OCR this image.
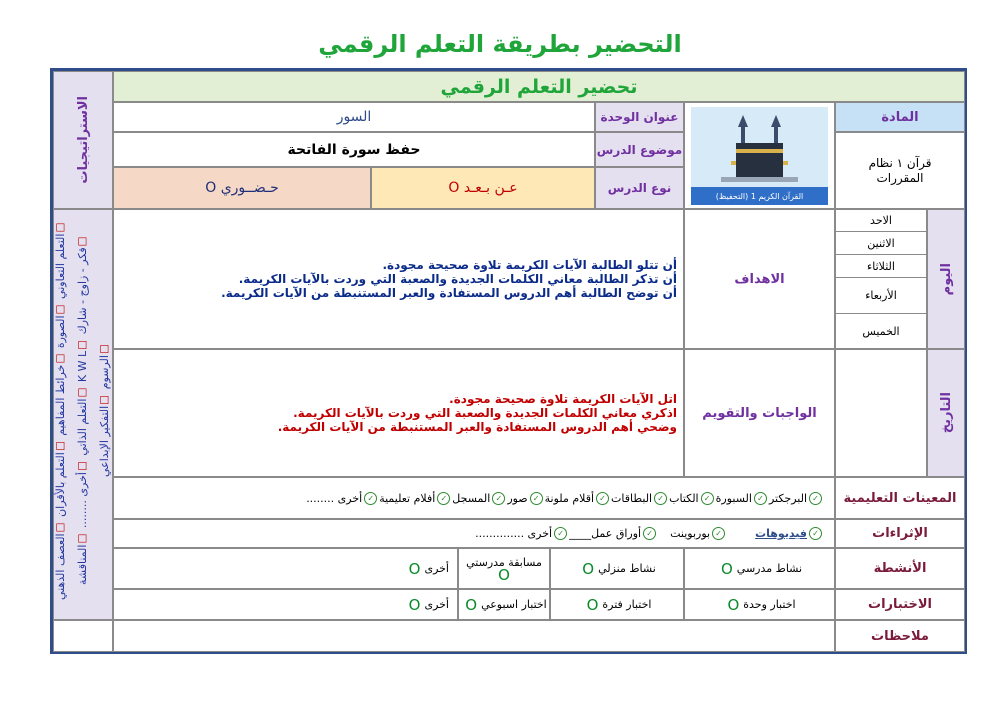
التحضير بطريقة التعلم الرقمي
تحضير التعلم الرقمي
الاستراتيجيات
☐التعلم التعاوني ☐الصورة ☐خرائط المفاهيم ☐التعلم بالأقران ☐العصف الذهني ☐فكر - زاوج - شارك ☐K W L ☐التعلم الذاتي ☐أخرى ........ ☐المناقشة ☐الرسوم ☐التفكير الإبداعي
المادة
قرآن ١ نظام المقررات
القرآن الكريم 1 (التحفيظ)
عنوان الوحدة
السور
موضوع الدرس
حفظ سورة الفاتحة
نوع الدرس
عـن بـعـد O
حـضــوري O
اليوم
الاحد
الاثنين
الثلاثاء
الأربعاء
الخميس
التاريخ
الاهداف
أن تتلو الطالبة الآيات الكريمة تلاوة صحيحة مجودة.
أن تذكر الطالبة معاني الكلمات الجديدة والصعبة التي وردت بالآيات الكريمة.
أن توضح الطالبة أهم الدروس المستفادة والعبر المستنبطة من الآيات الكريمة.
الواجبات والتقويم
اتل الآيات الكريمة تلاوة صحيحة مجودة.
اذكري معاني الكلمات الجديدة والصعبة التي وردت بالآيات الكريمة.
وضحي أهم الدروس المستفادة والعبر المستنبطة من الآيات الكريمة.
المعينات التعليمية
✓
البرجكتر
✓
السبورة
✓
الكتاب
✓
البطاقات
✓
أقلام ملونة
✓
صور
✓
المسجل
✓
أفلام تعليمية
✓
أخرى ........
الإثراءات
✓
فيديوهات
✓
بوربوينت
✓
أوراق عمل____
✓
أخرى ..............
الأنشطة
نشاط مدرسي
O
نشاط منزلي
O
مسابقة مدرستي
O
أخرى
O
الاختبارات
اختبار وحدة
O
اختبار فترة
O
اختبار اسبوعي
O
أخرى
O
ملاحظات
